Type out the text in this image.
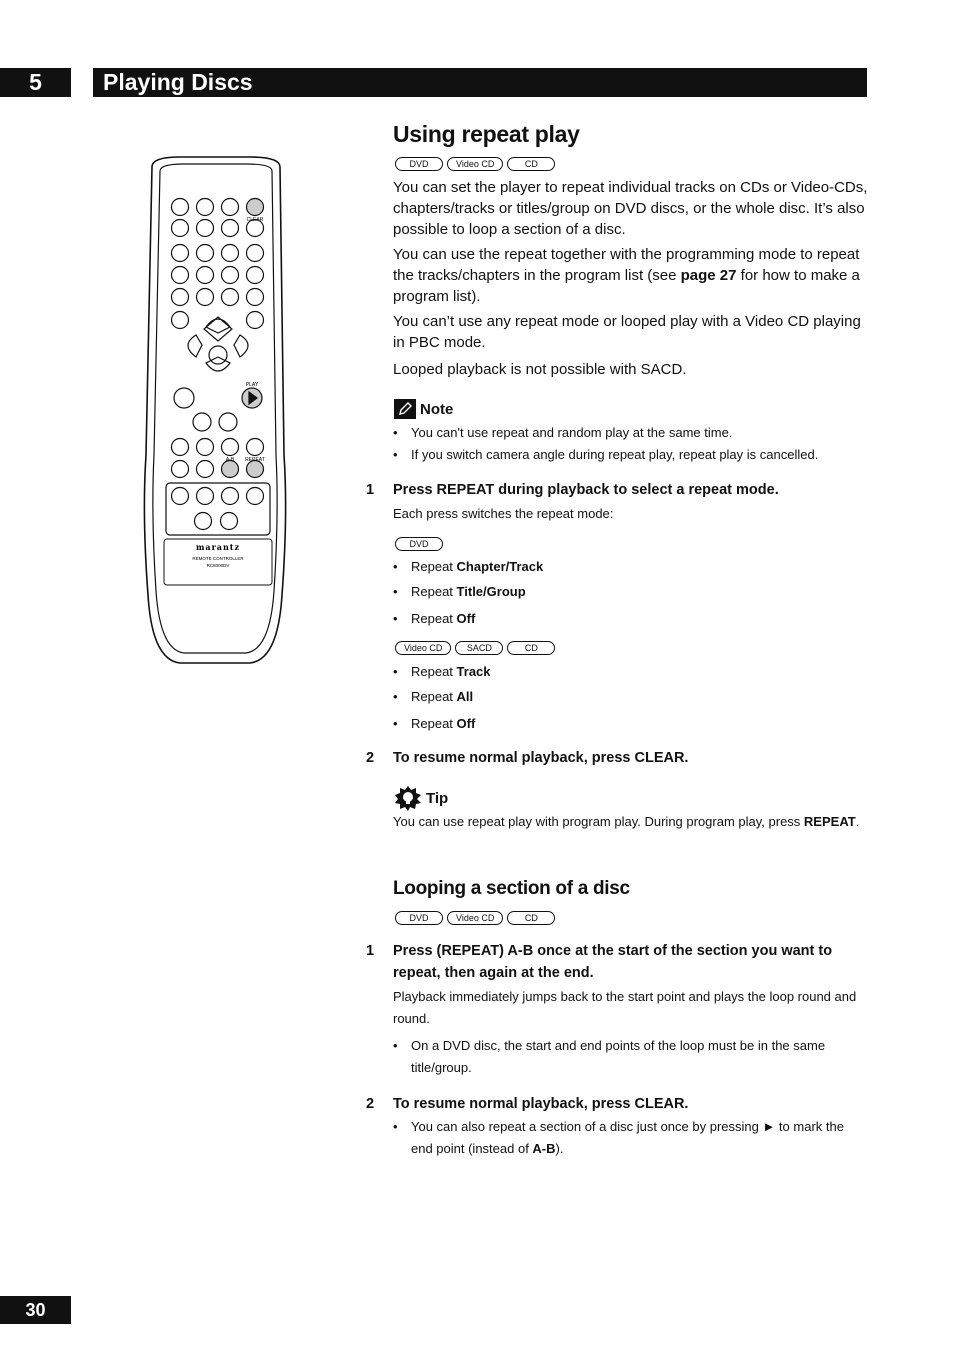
5	Playing Discs
CLEAR
PLAY
A-B REPEAT
marantz
REMOTE CONTROLLER
RC8000DV
Using repeat play
DVD	Video CD	CD
You can set the player to repeat individual tracks on CDs or Video-CDs, chapters/tracks or titles/group on DVD discs, or the whole disc. It’s also possible to loop a section of a disc.
You can use the repeat together with the programming mode to repeat the tracks/chapters in the program list (see page 27 for how to make a program list).
You can’t use any repeat mode or looped play with a Video CD playing in PBC mode.
Looped playback is not possible with SACD.
Note
• You can't use repeat and random play at the same time.
• If you switch camera angle during repeat play, repeat play is cancelled.
1 Press REPEAT during playback to select a repeat mode.
Each press switches the repeat mode:
DVD
• Repeat Chapter/Track
• Repeat Title/Group
• Repeat Off
Video CD	SACD	CD
• Repeat Track
• Repeat All
• Repeat Off
2 To resume normal playback, press CLEAR.
Tip
You can use repeat play with program play. During program play, press REPEAT.
Looping a section of a disc
DVD	Video CD	CD
1 Press (REPEAT) A-B once at the start of the section you want to repeat, then again at the end.
Playback immediately jumps back to the start point and plays the loop round and round.
• On a DVD disc, the start and end points of the loop must be in the same title/group.
2 To resume normal playback, press CLEAR.
• You can also repeat a section of a disc just once by pressing ► to mark the end point (instead of A-B).
30
